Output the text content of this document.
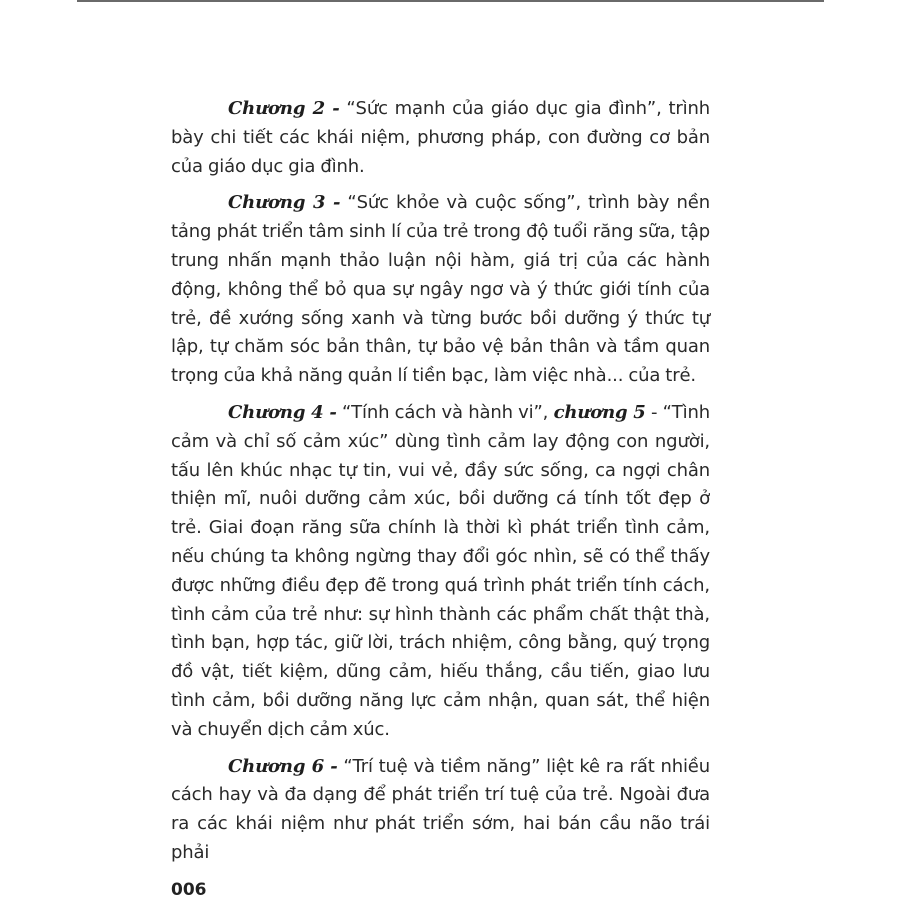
Chương 2 - “Sức mạnh của giáo dục gia đình”, trình bày chi tiết các khái niệm, phương pháp, con đường cơ bản của giáo dục gia đình.

Chương 3 - “Sức khỏe và cuộc sống”, trình bày nền tảng phát triển tâm sinh lí của trẻ trong độ tuổi răng sữa, tập trung nhấn mạnh thảo luận nội hàm, giá trị của các hành động, không thể bỏ qua sự ngây ngơ và ý thức giới tính của trẻ, đề xướng sống xanh và từng bước bồi dưỡng ý thức tự lập, tự chăm sóc bản thân, tự bảo vệ bản thân và tầm quan trọng của khả năng quản lí tiền bạc, làm việc nhà... của trẻ.

Chương 4 - “Tính cách và hành vi”, chương 5 - “Tình cảm và chỉ số cảm xúc” dùng tình cảm lay động con người, tấu lên khúc nhạc tự tin, vui vẻ, đầy sức sống, ca ngợi chân thiện mĩ, nuôi dưỡng cảm xúc, bồi dưỡng cá tính tốt đẹp ở trẻ. Giai đoạn răng sữa chính là thời kì phát triển tình cảm, nếu chúng ta không ngừng thay đổi góc nhìn, sẽ có thể thấy được những điều đẹp đẽ trong quá trình phát triển tính cách, tình cảm của trẻ như: sự hình thành các phẩm chất thật thà, tình bạn, hợp tác, giữ lời, trách nhiệm, công bằng, quý trọng đồ vật, tiết kiệm, dũng cảm, hiếu thắng, cầu tiến, giao lưu tình cảm, bồi dưỡng năng lực cảm nhận, quan sát, thể hiện và chuyển dịch cảm xúc.

Chương 6 - “Trí tuệ và tiềm năng” liệt kê ra rất nhiều cách hay và đa dạng để phát triển trí tuệ của trẻ. Ngoài đưa ra các khái niệm như phát triển sớm, hai bán cầu não trái phải

006
